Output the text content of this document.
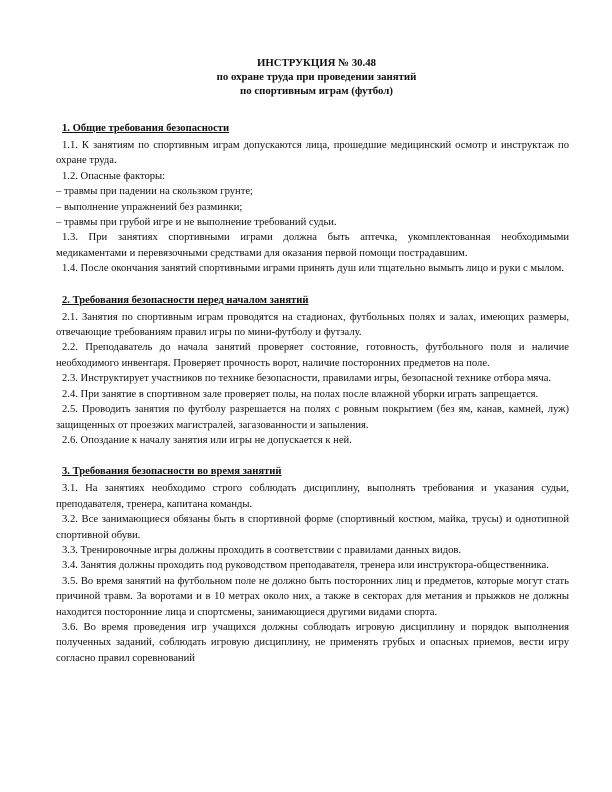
ИНСТРУКЦИЯ № 30.48
по охране труда при проведении занятий
по спортивным играм (футбол)
1. Общие требования безопасности
1.1. К занятиям по спортивным играм допускаются лица, прошедшие медицинский осмотр и инструктаж по охране труда.
1.2. Опасные факторы:
– травмы при падении на скользком грунте;
– выполнение упражнений без разминки;
– травмы при грубой игре и не выполнение требований судьи.
1.3. При занятиях спортивными играми должна быть аптечка, укомплектованная необходимыми медикаментами и перевязочными средствами для оказания первой помощи пострадавшим.
1.4. После окончания занятий спортивными играми принять душ или тщательно вымыть лицо и руки с мылом.
2. Требования безопасности перед началом занятий
2.1. Занятия по спортивным играм проводятся на стадионах, футбольных полях и залах, имеющих размеры, отвечающие требованиям правил игры по мини-футболу и футзалу.
2.2. Преподаватель до начала занятий проверяет состояние, готовность, футбольного поля и наличие необходимого инвентаря. Проверяет прочность ворот, наличие посторонних предметов на поле.
2.3. Инструктирует участников по технике безопасности, правилами игры, безопасной технике отбора мяча.
2.4. При занятие в спортивном зале проверяет полы, на полах после влажной уборки играть запрещается.
2.5. Проводить занятия по футболу разрешается на полях с ровным покрытием (без ям, канав, камней, луж) защищенных от проезжих магистралей, загазованности и запыления.
2.6. Опоздание к началу занятия или игры не допускается к ней.
3. Требования безопасности во время занятий
3.1. На занятиях необходимо строго соблюдать дисциплину, выполнять требования и указания судьи, преподавателя, тренера, капитана команды.
3.2. Все занимающиеся обязаны быть в спортивной форме (спортивный костюм, майка, трусы) и однотипной спортивной обуви.
3.3. Тренировочные игры должны проходить в соответствии с правилами данных видов.
3.4. Занятия должны проходить под руководством преподавателя, тренера или инструктора-общественника.
3.5. Во время занятий на футбольном поле не должно быть посторонних лиц и предметов, которые могут стать причиной травм. За воротами и в 10 метрах около них, а также в секторах для метания и прыжков не должны находится посторонние лица и спортсмены, занимающиеся другими видами спорта.
3.6. Во время проведения игр учащихся должны соблюдать игровую дисциплину и порядок выполнения полученных заданий, соблюдать игровую дисциплину, не применять грубых и опасных приемов, вести игру согласно правил соревнований
